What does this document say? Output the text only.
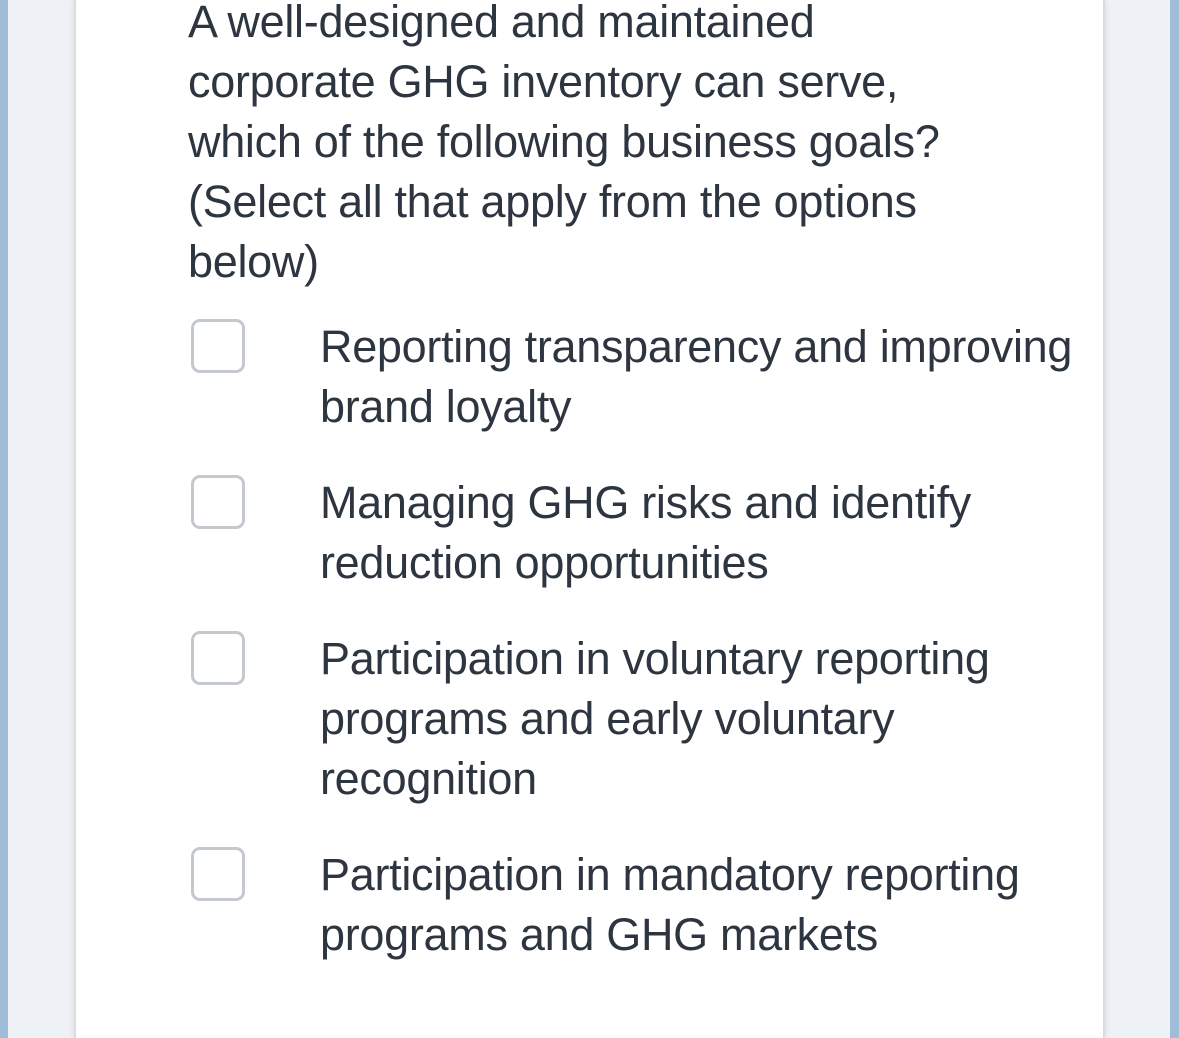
A well-designed and maintained corporate GHG inventory can serve, which of the following business goals? (Select all that apply from the options below)

Reporting transparency and improving brand loyalty
Managing GHG risks and identify reduction opportunities
Participation in voluntary reporting programs and early voluntary recognition
Participation in mandatory reporting programs and GHG markets
